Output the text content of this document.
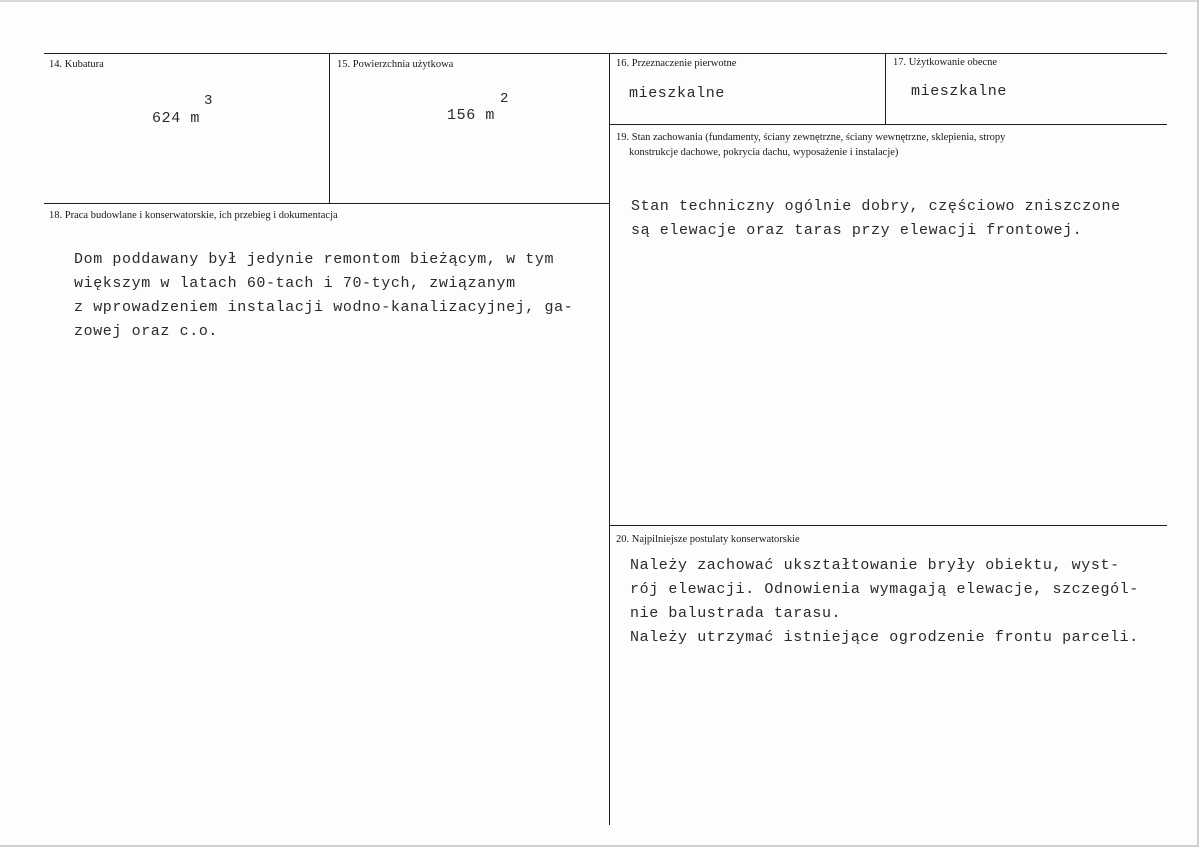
14. Kubatura
624 m
3
15. Powierzchnia użytkowa
156 m
2
16. Przeznaczenie pierwotne
mieszkalne
17. Użytkowanie obecne
mieszkalne
19. Stan zachowania (fundamenty, ściany zewnętrzne, ściany wewnętrzne, sklepienia, stropy
konstrukcje dachowe, pokrycia dachu, wyposażenie i instalacje)
Stan techniczny ogólnie dobry, częściowo zniszczone
są elewacje oraz taras przy elewacji frontowej.
18. Praca budowlane i konserwatorskie, ich przebieg i dokumentacja
Dom poddawany był jedynie remontom bieżącym, w tym
większym w latach 60-tach i 70-tych, związanym
z wprowadzeniem instalacji wodno-kanalizacyjnej, ga-
zowej oraz c.o.
20. Najpilniejsze postulaty konserwatorskie
Należy zachować ukształtowanie bryły obiektu, wyst-
rój elewacji. Odnowienia wymagają elewacje, szczegól-
nie balustrada tarasu.
Należy utrzymać istniejące ogrodzenie frontu parceli.
